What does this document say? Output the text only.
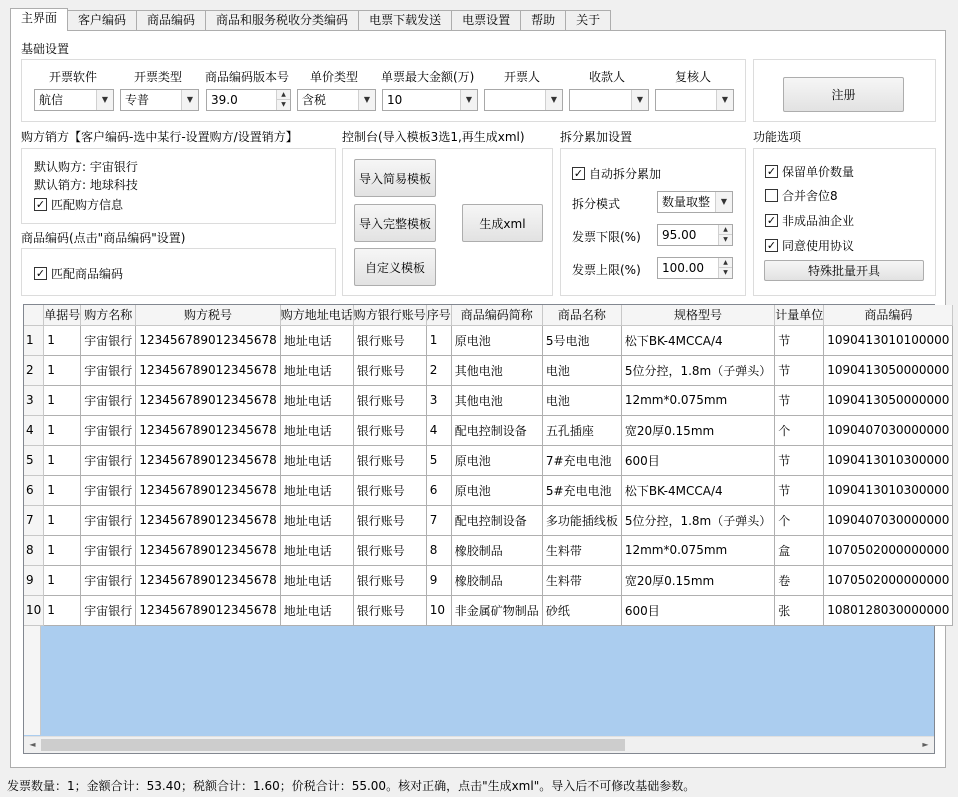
主界面	客户编码	商品编码	商品和服务税收分类编码	电票下载发送	电票设置	帮助	关于
基础设置
开票软件
航信	▼
开票类型
专普	▼
商品编码版本号
39.0	▲
▼
单价类型
含税	▼
单票最大金额(万)
10	▼
开票人
▼
收款人
▼
复核人
▼	注册
购方销方【客户编码-选中某行-设置购方/设置销方】
默认购方: 宇宙银行
默认销方: 地球科技
✓ 匹配购方信息
商品编码(点击"商品编码"设置)
✓ 匹配商品编码
控制台(导入模板3选1,再生成xml)
导入简易模板
导入完整模板
自定义模板
生成xml
拆分累加设置
✓ 自动拆分累加
拆分模式	数量取整	▼
发票下限(%)	95.00	▲
▼
发票上限(%)	100.00	▲
▼
功能选项
✓ 保留单价数量
合并舍位8
✓ 非成品油企业
✓ 同意使用协议
特殊批量开具
	单据号	购方名称	购方税号	购方地址电话	购方银行账号	序号	商品编码简称	商品名称	规格型号	计量单位	商品编码
1	1	宇宙银行	123456789012345678	地址电话	银行账号	1	原电池	5号电池	松下BK-4MCCA/4	节	1090413010100000
2	1	宇宙银行	123456789012345678	地址电话	银行账号	2	其他电池	电池	5位分控，1.8m（子弹头）	节	1090413050000000
3	1	宇宙银行	123456789012345678	地址电话	银行账号	3	其他电池	电池	12mm*0.075mm	节	1090413050000000
4	1	宇宙银行	123456789012345678	地址电话	银行账号	4	配电控制设备	五孔插座	宽20厚0.15mm	个	1090407030000000
5	1	宇宙银行	123456789012345678	地址电话	银行账号	5	原电池	7#充电电池	600目	节	1090413010300000
6	1	宇宙银行	123456789012345678	地址电话	银行账号	6	原电池	5#充电电池	松下BK-4MCCA/4	节	1090413010300000
7	1	宇宙银行	123456789012345678	地址电话	银行账号	7	配电控制设备	多功能插线板	5位分控，1.8m（子弹头）	个	1090407030000000
8	1	宇宙银行	123456789012345678	地址电话	银行账号	8	橡胶制品	生料带	12mm*0.075mm	盒	1070502000000000
9	1	宇宙银行	123456789012345678	地址电话	银行账号	9	橡胶制品	生料带	宽20厚0.15mm	卷	1070502000000000
10	1	宇宙银行	123456789012345678	地址电话	银行账号	10	非金属矿物制品	砂纸	600目	张	1080128030000000
◄	►
发票数量：1；金额合计：53.40；税额合计：1.60；价税合计：55.00。核对正确，点击"生成xml"。导入后不可修改基础参数。
